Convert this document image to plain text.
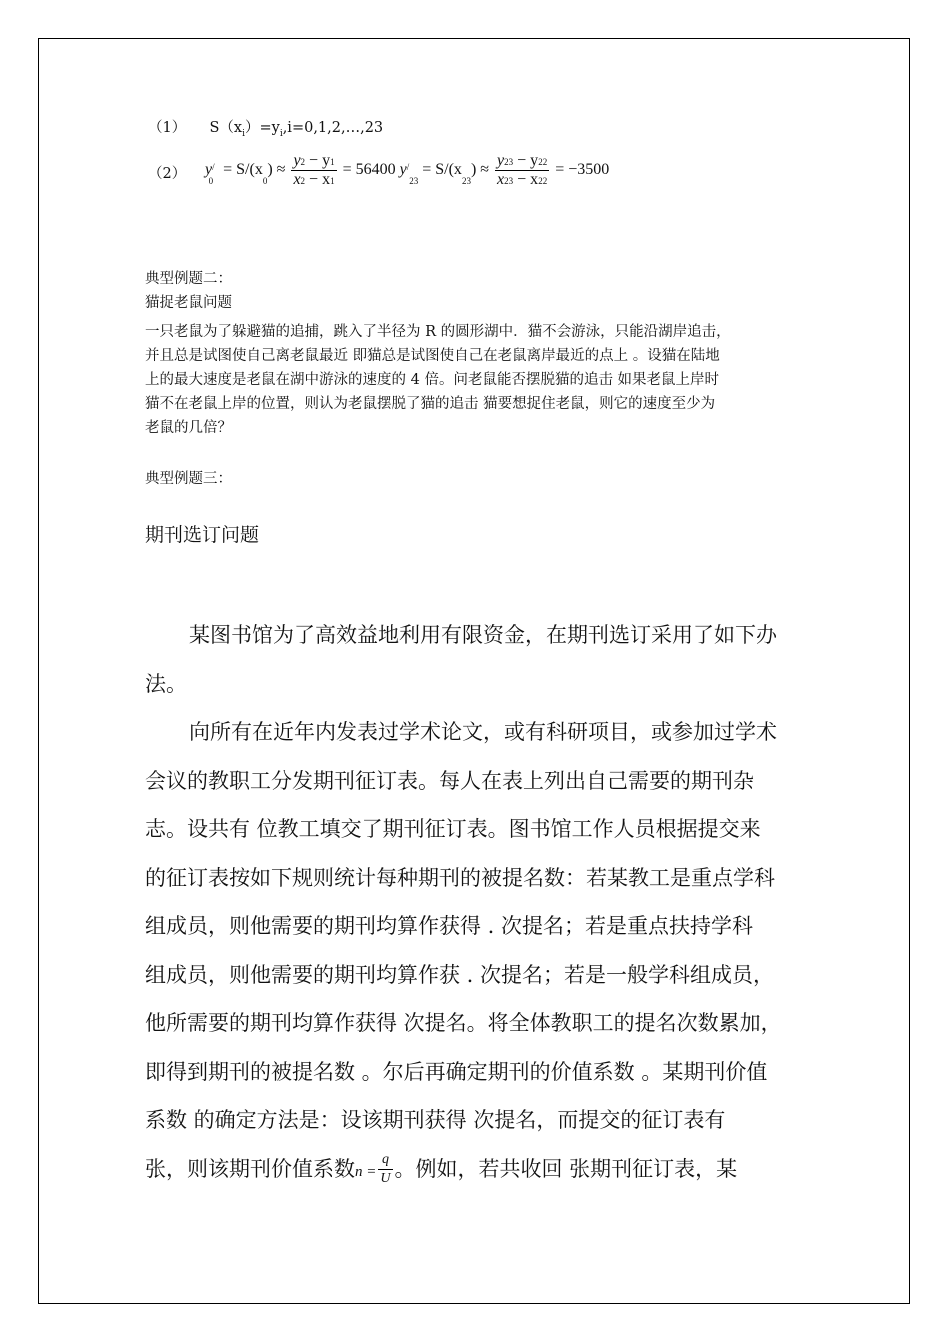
（1） $S(x_i)=y_i,i=0,1,2,\dots,23$
（2） $y^/_0 = S/(x_0) \approx \frac{y2 - y1}{x2 - x1} = 56400$ $y^/_{23} = S/(x_{23}) \approx \frac{y23 - y22}{x23 - x22} = -3500$
典型例题二：
猫捉老鼠问题
一只老鼠为了躲避猫的追捕，跳入了半径为 R 的圆形湖中．猫不会游泳，只能沿湖岸追击，
并且总是试图使自己离老鼠最近 即猫总是试图使自己在老鼠离岸最近的点上 。设猫在陆地
上的最大速度是老鼠在湖中游泳的速度的 4 倍。问老鼠能否摆脱猫的追击 如果老鼠上岸时
猫不在老鼠上岸的位置，则认为老鼠摆脱了猫的追击 猫要想捉住老鼠，则它的速度至少为
老鼠的几倍？
典型例题三：
期刊选订问题

某图书馆为了高效益地利用有限资金，在期刊选订采用了如下办法。

向所有在近年内发表过学术论文，或有科研项目，或参加过学术
会议的教职工分发期刊征订表。每人在表上列出自己需要的期刊杂
志。设共有 位教工填交了期刊征订表。图书馆工作人员根据提交来
的征订表按如下规则统计每种期刊的被提名数：若某教工是重点学科
组成员，则他需要的期刊均算作获得 . 次提名；若是重点扶持学科
组成员，则他需要的期刊均算作获 . 次提名；若是一般学科组成员，
他所需要的期刊均算作获得 次提名。将全体教职工的提名次数累加，
即得到期刊的被提名数 。尔后再确定期刊的价值系数 。某期刊价值
系数 的确定方法是：设该期刊获得 次提名，而提交的征订表有
张，则该期刊价值系数$n = \frac{q}{U}$ 。例如，若共收回 张期刊征订表，某
